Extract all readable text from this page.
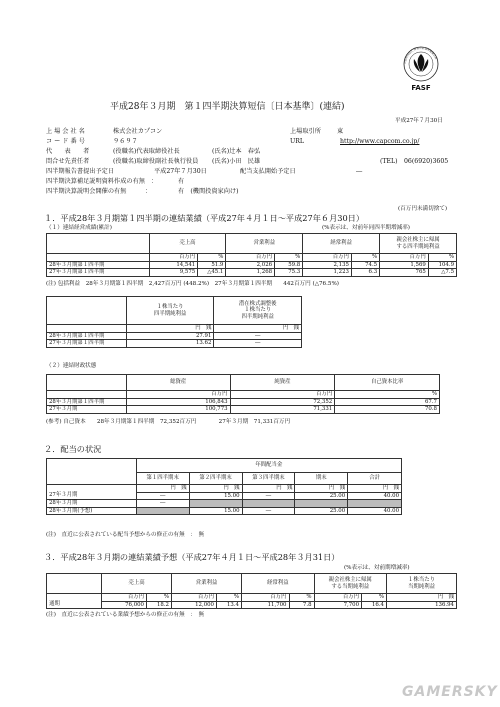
公益財団法人 財務会計基準機構会員
FASF
平成28年３月期　第１四半期決算短信〔日本基準〕(連結)
平成27年７月30日
上 場 会 社 名	株式会社カプコン	上場取引所	東
コ ー ド 番 号	９６９７	URL	http://www.capcom.co.jp/
代　　表　　者	(役職名)代表取締役社長	(氏名)辻本　春弘
問合せ先責任者	(役職名)取締役副社長執行役員 (氏名)小田　民雄	(TEL) 06(6920)3605
四半期報告書提出予定日	平成27年７月30日	配当支払開始予定日	―
四半期決算補足説明資料作成の有無　：	有
四半期決算説明会開催の有無　　　：	有　(機関投資家向け)
(百万円未満切捨て)
１．平成28年３月期第１四半期の連結業績（平成27年４月１日～平成27年６月30日）
（１）連結経営成績(累計)	(%表示は、対前年同四半期増減率)
	売上高		営業利益		経常利益		親会社株主に帰属
する四半期純利益	
	百万円	%	百万円	%	百万円	%	百万円	%
28年３月期第１四半期	14,541	51.9	2,026	59.8	2,135	74.5	1,569	104.9
27年３月期第１四半期	9,575	△45.1	1,268	75.3	1,223	6.3	765	△7.5
(注) 包括利益　28年３月期第１四半期　2,427百万円 (448.2%)　27年３月期第１四半期　　442百万円 (△76.5%)
	１株当たり
四半期純利益	潜在株式調整後
１株当たり
四半期純利益
	円　銭	円　銭
28年３月期第１四半期	27.91	―
27年３月期第１四半期	13.62	―
（２）連結財政状態
	総資産	純資産	自己資本比率
	百万円	百万円	%
28年３月期第１四半期	106,843	72,352	67.7
27年３月期	100,773	71,331	70.8
(参考) 自己資本　　28年３月期第１四半期　72,352百万円　　　　27年３月期　71,331百万円
２．配当の状況
	年間配当金				
	第１四半期末	第２四半期末	第３四半期末	期末	合計
	円　銭	円　銭	円　銭	円　銭	円　銭
27年３月期	―	15.00	―	25.00	40.00
28年３月期	―				
28年３月期(予想)		15.00	―	25.00	40.00
(注)　直近に公表されている配当予想からの修正の有無　：　無
３．平成28年３月期の連結業績予想（平成27年４月１日～平成28年３月31日）
(%表示は、対前期増減率)
	売上高		営業利益		経常利益		親会社株主に帰属
する当期純利益		１株当たり
当期純利益
	百万円	%	百万円	%	百万円	%	百万円	%	円　銭
通期	76,000	18.2	12,000	13.4	11,700	7.8	7,700	16.4	136.94
(注)　直近に公表されている業績予想からの修正の有無　：　無
GAMERSKY
